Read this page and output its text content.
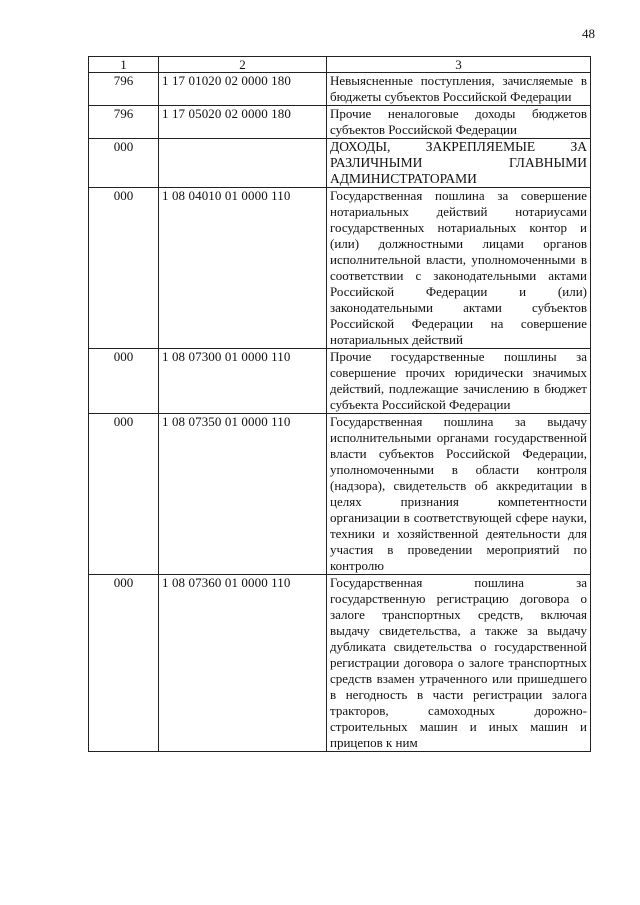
48
1	2	3
796	1 17 01020 02 0000 180	Невыясненные поступления, зачисляемые в бюджеты субъектов Российской Федерации
796	1 17 05020 02 0000 180	Прочие неналоговые доходы бюджетов субъектов Российской Федерации
000		ДОХОДЫ, ЗАКРЕПЛЯЕМЫЕ ЗА РАЗЛИЧНЫМИ ГЛАВНЫМИ АДМИНИСТРАТОРАМИ
000	1 08 04010 01 0000 110	Государственная пошлина за совершение нотариальных действий нотариусами государственных нотариальных контор и (или) должностными лицами органов исполнительной власти, уполномоченными в соответствии с законодательными актами Российской Федерации и (или) законодательными актами субъектов Российской Федерации на совершение нотариальных действий
000	1 08 07300 01 0000 110	Прочие государственные пошлины за совершение прочих юридически значимых действий, подлежащие зачислению в бюджет субъекта Российской Федерации
000	1 08 07350 01 0000 110	Государственная пошлина за выдачу исполнительными органами государственной власти субъектов Российской Федерации, уполномоченными в области контроля (надзора), свидетельств об аккредитации в целях признания компетентности организации в соответствующей сфере науки, техники и хозяйственной деятельности для участия в проведении мероприятий по контролю
000	1 08 07360 01 0000 110	Государственная пошлина за государственную регистрацию договора о залоге транспортных средств, включая выдачу свидетельства, а также за выдачу дубликата свидетельства о государственной регистрации договора о залоге транспортных средств взамен утраченного или пришедшего в негодность в части регистрации залога тракторов, самоходных дорожно-строительных машин и иных машин и прицепов к ним
